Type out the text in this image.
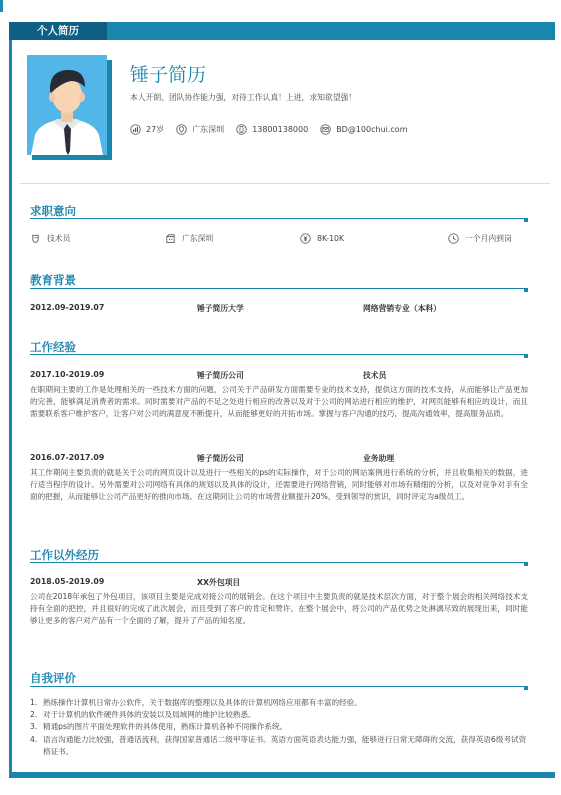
个人简历
锤子简历
本人开朗、团队协作能力强，对待工作认真！上进，求知欲望强！
27岁	广东深圳	13800138000	BD@100chui.com
求职意向
技术员	广东深圳	8K-10K	一个月内到岗
教育背景
2012.09-2019.07	锤子简历大学	网络营销专业（本科）
工作经验
2017.10-2019.09	锤子简历公司	技术员

在职期间主要的工作是处理相关的一些技术方面的问题，公司关于产品研发方面需要专业的技术支持，提供这方面的技术支持，从而能够让产品更加的完善，能够满足消费者的需求。同时需要对产品的不足之处进行相应的改善以及对于公司的网站进行相应的维护，对网页能够有相应的设计，而且需要联系客户维护客户，让客户对公司的满意度不断提升，从而能够更好的开拓市场。掌握与客户沟通的技巧，提高沟通效率，提高服务品质。

2016.07-2017.09	锤子简历公司	业务助理

其工作期间主要负责的就是关于公司的网页设计以及进行一些相关的ps的实际操作，对于公司的网站案例进行系统的分析，并且收集相关的数据，进行适当程序的设计。另外需要对公司网络有具体的规划以及具体的设计，还需要进行网络营销，同时能够对市场有精细的分析，以及对竞争对手有全面的把握，从而能够让公司产品更好的推向市场。在这期间让公司的市场营业额提升20%，受到领导的赏识，同时评定为a级员工。

工作以外经历
2018.05-2019.09	XX外包项目

公司在2018年承包了外包项目，该项目主要是完成对接公司的展销会。在这个项目中主要负责的就是技术层次方面，对于整个展会的相关网络技术支持有全面的把控，并且很好的完成了此次展会，而且受到了客户的肯定和赞许。在整个展会中，将公司的产品优势之处淋漓尽致的展现出来，同时能够让更多的客户对产品有一个全面的了解，提升了产品的知名度。

自我评价
1. 熟练操作计算机日常办公软件，关于数据库的整理以及具体的计算机网络应用都有丰富的经验。
2. 对于计算机的软件硬件具体的安装以及局域网的维护比较熟悉。
3. 精通ps的图片平面处理软件的具体使用，熟练计算机各种不同操作系统。
4. 语言沟通能力比较强，普通话流利，获得国家普通话二级甲等证书。英语方面英语表达能力强，能够进行日常无障碍的交流，获得英语6级考试资格证书。
